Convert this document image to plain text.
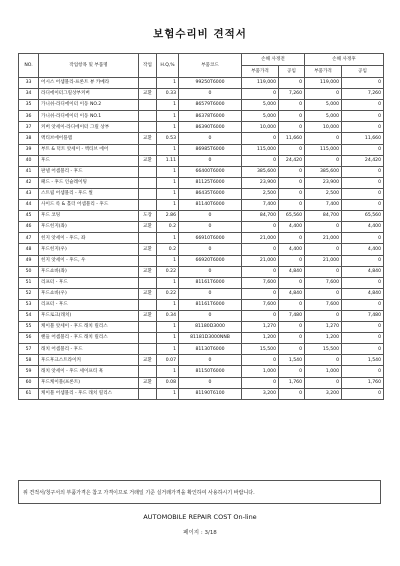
보험수리비 견적서
NO.	작업항목 및 부품명	작업	H.Q,%	부품코드	손해 사정전		손해 사정후	
					부품가격	공임	부품가격	공임
33	어시스 어셈블리-프론트 뷰 카메라		1	99250T6000	119,000	0	119,000	0
34	라디에이터그릴상부커버	교환	0.33	0	0	7,260	0	7,260
35	가니쉬-라디에이터 이동 NO.2		1	86579T6000	5,000	0	5,000	0
36	가니쉬-라디에이터 이동 NO.1		1	86378T6000	5,000	0	5,000	0
37	커버 앗세이-라디에이터 그릴 상부		1	86390T6000	10,000	0	10,000	0
38	액티브에어플랩	교환	0.53	0	0	11,660	0	11,660
39	부트 & 덕트 앗세이 - 액티브 에어		1	86985T6000	115,000	0	115,000	0
40	후드	교환	1.11	0	0	24,420	0	24,420
41	판넬 어셈블리 - 후드		1	66400T6000	385,600	0	385,600	0
42	패드 - 후드 인슐레이팅		1	81125T6000	23,900	0	23,900	0
43	스트립 어셈블리 - 후드 씰		1	86435T6000	2,500	0	2,500	0
44	사이드 록 & 홀더 어셈블리 - 후드		1	81140T6000	7,400	0	7,400	0
45	후드 코팅	도장	2.86	0	84,700	65,560	84,700	65,560
46	후드힌지(좌)	교환	0.2	0	0	4,400	0	4,400
47	힌지 앗세이 - 후드, 좌		1	66910T6000	21,000	0	21,000	0
48	후드힌지(우)	교환	0.2	0	0	4,400	0	4,400
49	힌지 앗세이 - 후드, 우		1	66920T6000	21,000	0	21,000	0
50	후드쇼바(좌)	교환	0.22	0	0	4,840	0	4,840
51	리프터 - 후드		1	81161T6000	7,600	0	7,600	0
52	후드쇼바(우)	교환	0.22	0	0	4,840	0	4,840
53	리프터 - 후드		1	81161T6000	7,600	0	7,600	0
54	후드로크(래치)	교환	0.34	0	0	7,480	0	7,480
55	케이블 앗세이 - 후드 래치 릴리스		1	81180D3000	1,270	0	1,270	0
56	핸들 어셈블리 - 후드 래치 릴리스		1	81181D3000NNB	1,200	0	1,200	0
57	래치 어셈블리 - 후드		1	81130T6000	15,500	0	15,500	0
58	후드후크스트라이커	교환	0.07	0	0	1,540	0	1,540
59	래치 앗세이 - 후드 세이프티 훅		1	81150T6000	1,000	0	1,000	0
60	후드케이블(프론트)	교환	0.08	0	0	1,760	0	1,760
61	케이블 어셈블리 - 후드 래치 릴리스		1	81190T6100	3,200	0	3,200	0
위 견적서/청구서의 부품가격은 참고 가격이므로 거래일 기준 실거래가격을 확인하여 사용하시기 바랍니다.
AUTOMOBILE REPAIR COST On-line
페이지 : 3/18
